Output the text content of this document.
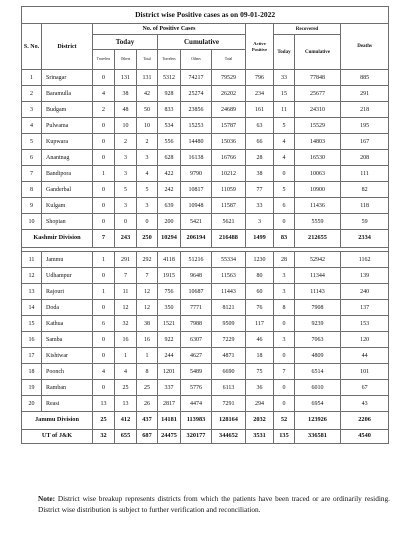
District wise Positive cases as on 09-01-2022											
S. No.	District	No. of Positive Cases						Active Positive	Recovered		Deaths
		Today			Cumulative				Today	Cumulative	
		Travelers	Others	Total	Travelers	Others	Total				
1	Srinagar	0	131	131	5312	74217	79529	796	33	77848	885
2	Baramulla	4	38	42	928	25274	26202	234	15	25677	291
3	Budgam	2	48	50	833	23856	24689	161	11	24310	218
4	Pulwama	0	10	10	534	15253	15787	63	5	15529	195
5	Kupwara	0	2	2	556	14480	15036	66	4	14803	167
6	Anantnag	0	3	3	628	16138	16766	28	4	16530	208
7	Bandipora	1	3	4	422	9790	10212	38	0	10063	111
8	Ganderbal	0	5	5	242	10817	11059	77	5	10900	82
9	Kulgam	0	3	3	639	10948	11587	33	6	11436	118
10	Shopian	0	0	0	200	5421	5621	3	0	5559	59
Kashmir Division		7	243	250	10294	206194	216488	1499	83	212655	2334

11	Jammu	1	291	292	4118	51216	55334	1230	28	52942	1162
12	Udhampur	0	7	7	1915	9648	11563	80	3	11344	139
13	Rajouri	1	11	12	756	10687	11443	60	3	11143	240
14	Doda	0	12	12	350	7771	8121	76	8	7908	137
15	Kathua	6	32	38	1521	7988	9509	117	0	9239	153
16	Samba	0	16	16	922	6307	7229	46	3	7063	120
17	Kishtwar	0	1	1	244	4627	4871	18	0	4809	44
18	Poonch	4	4	8	1201	5489	6690	75	7	6514	101
19	Ramban	0	25	25	337	5776	6113	36	0	6010	67
20	Reasi	13	13	26	2817	4474	7291	294	0	6954	43
Jammu Division		25	412	437	14181	113983	128164	2032	52	123926	2206
UT of J&K		32	655	687	24475	320177	344652	3531	135	336581	4540

Note: District wise breakup represents districts from which the patients have been traced or are ordinarily residing. District wise distribution is subject to further verification and reconciliation.
